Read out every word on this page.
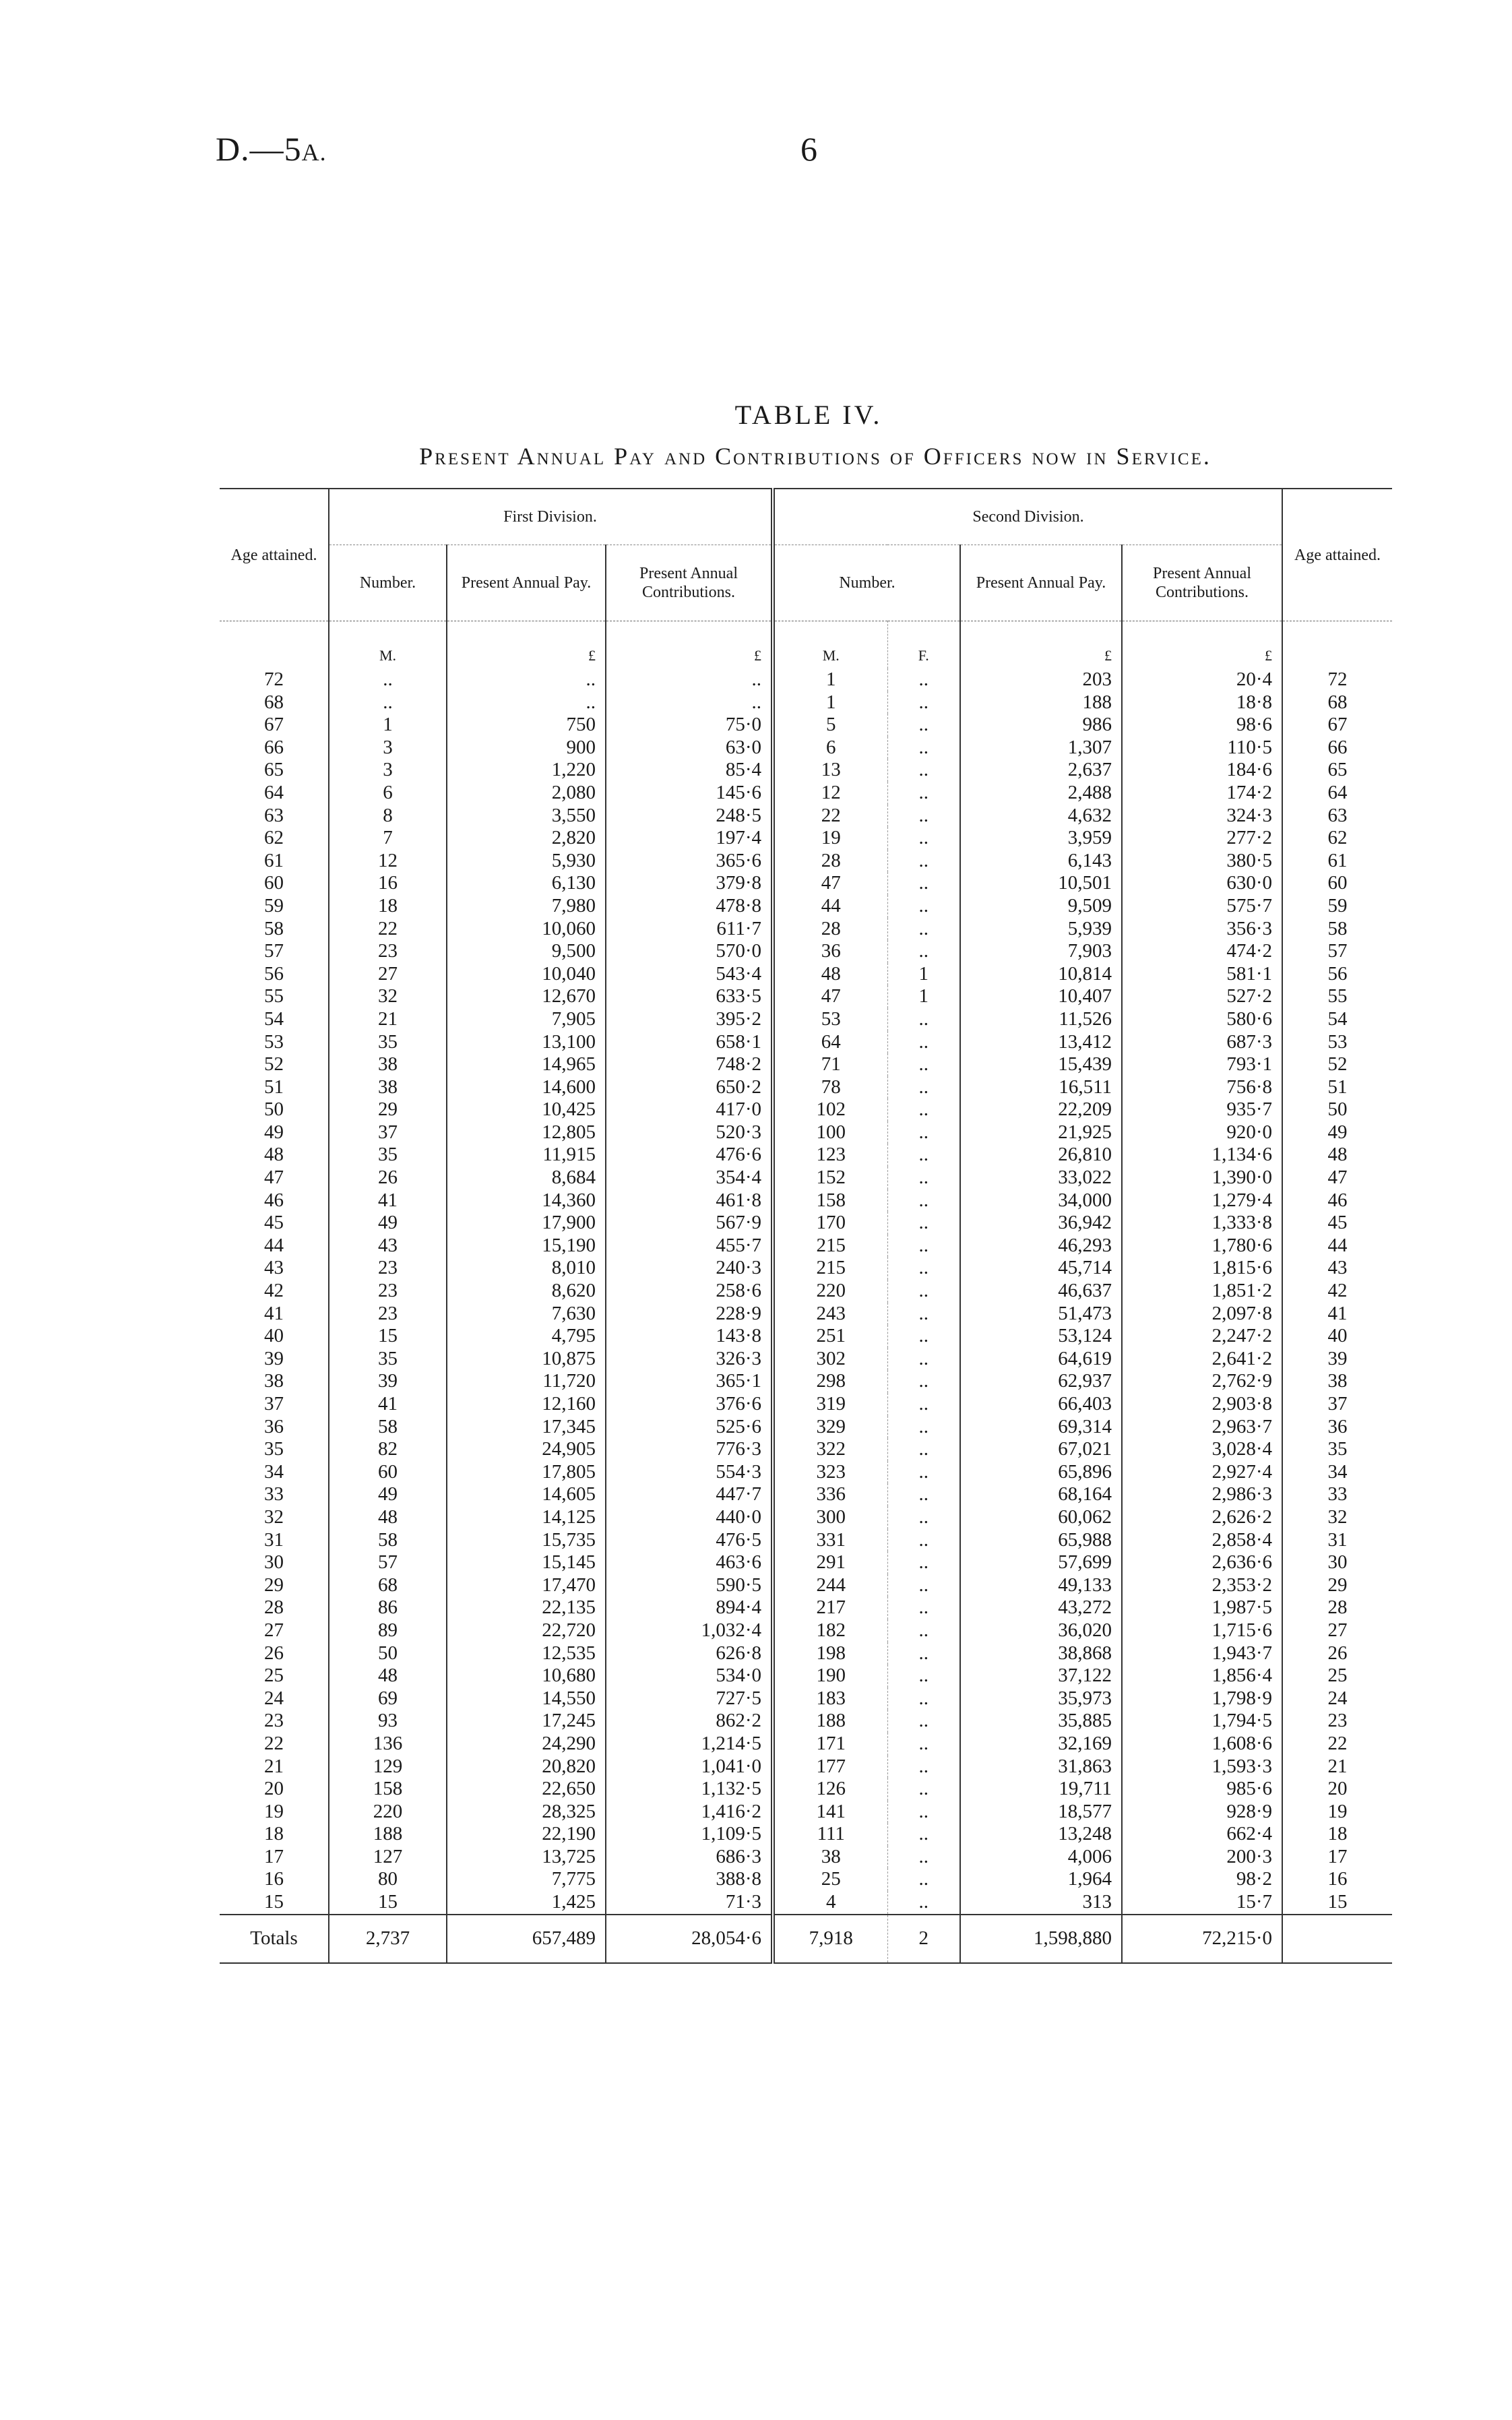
D.—5A.	6
TABLE IV.
Present Annual Pay and Contributions of Officers now in Service.
Age attained.	First Division.			Second Division.				Age attained.
	Number.	Present Annual Pay.	Present Annual Contributions.	Number.		Present Annual Pay.	Present Annual Contributions.	
	M.	£	£	M.	F.	£	£	
72	..	..	..	1	..	203	20·4	72
68	..	..	..	1	..	188	18·8	68
67	1	750	75·0	5	..	986	98·6	67
66	3	900	63·0	6	..	1,307	110·5	66
65	3	1,220	85·4	13	..	2,637	184·6	65
64	6	2,080	145·6	12	..	2,488	174·2	64
63	8	3,550	248·5	22	..	4,632	324·3	63
62	7	2,820	197·4	19	..	3,959	277·2	62
61	12	5,930	365·6	28	..	6,143	380·5	61
60	16	6,130	379·8	47	..	10,501	630·0	60
59	18	7,980	478·8	44	..	9,509	575·7	59
58	22	10,060	611·7	28	..	5,939	356·3	58
57	23	9,500	570·0	36	..	7,903	474·2	57
56	27	10,040	543·4	48	1	10,814	581·1	56
55	32	12,670	633·5	47	1	10,407	527·2	55
54	21	7,905	395·2	53	..	11,526	580·6	54
53	35	13,100	658·1	64	..	13,412	687·3	53
52	38	14,965	748·2	71	..	15,439	793·1	52
51	38	14,600	650·2	78	..	16,511	756·8	51
50	29	10,425	417·0	102	..	22,209	935·7	50
49	37	12,805	520·3	100	..	21,925	920·0	49
48	35	11,915	476·6	123	..	26,810	1,134·6	48
47	26	8,684	354·4	152	..	33,022	1,390·0	47
46	41	14,360	461·8	158	..	34,000	1,279·4	46
45	49	17,900	567·9	170	..	36,942	1,333·8	45
44	43	15,190	455·7	215	..	46,293	1,780·6	44
43	23	8,010	240·3	215	..	45,714	1,815·6	43
42	23	8,620	258·6	220	..	46,637	1,851·2	42
41	23	7,630	228·9	243	..	51,473	2,097·8	41
40	15	4,795	143·8	251	..	53,124	2,247·2	40
39	35	10,875	326·3	302	..	64,619	2,641·2	39
38	39	11,720	365·1	298	..	62,937	2,762·9	38
37	41	12,160	376·6	319	..	66,403	2,903·8	37
36	58	17,345	525·6	329	..	69,314	2,963·7	36
35	82	24,905	776·3	322	..	67,021	3,028·4	35
34	60	17,805	554·3	323	..	65,896	2,927·4	34
33	49	14,605	447·7	336	..	68,164	2,986·3	33
32	48	14,125	440·0	300	..	60,062	2,626·2	32
31	58	15,735	476·5	331	..	65,988	2,858·4	31
30	57	15,145	463·6	291	..	57,699	2,636·6	30
29	68	17,470	590·5	244	..	49,133	2,353·2	29
28	86	22,135	894·4	217	..	43,272	1,987·5	28
27	89	22,720	1,032·4	182	..	36,020	1,715·6	27
26	50	12,535	626·8	198	..	38,868	1,943·7	26
25	48	10,680	534·0	190	..	37,122	1,856·4	25
24	69	14,550	727·5	183	..	35,973	1,798·9	24
23	93	17,245	862·2	188	..	35,885	1,794·5	23
22	136	24,290	1,214·5	171	..	32,169	1,608·6	22
21	129	20,820	1,041·0	177	..	31,863	1,593·3	21
20	158	22,650	1,132·5	126	..	19,711	985·6	20
19	220	28,325	1,416·2	141	..	18,577	928·9	19
18	188	22,190	1,109·5	111	..	13,248	662·4	18
17	127	13,725	686·3	38	..	4,006	200·3	17
16	80	7,775	388·8	25	..	1,964	98·2	16
15	15	1,425	71·3	4	..	313	15·7	15
Totals	2,737	657,489	28,054·6	7,918	2	1,598,880	72,215·0	
